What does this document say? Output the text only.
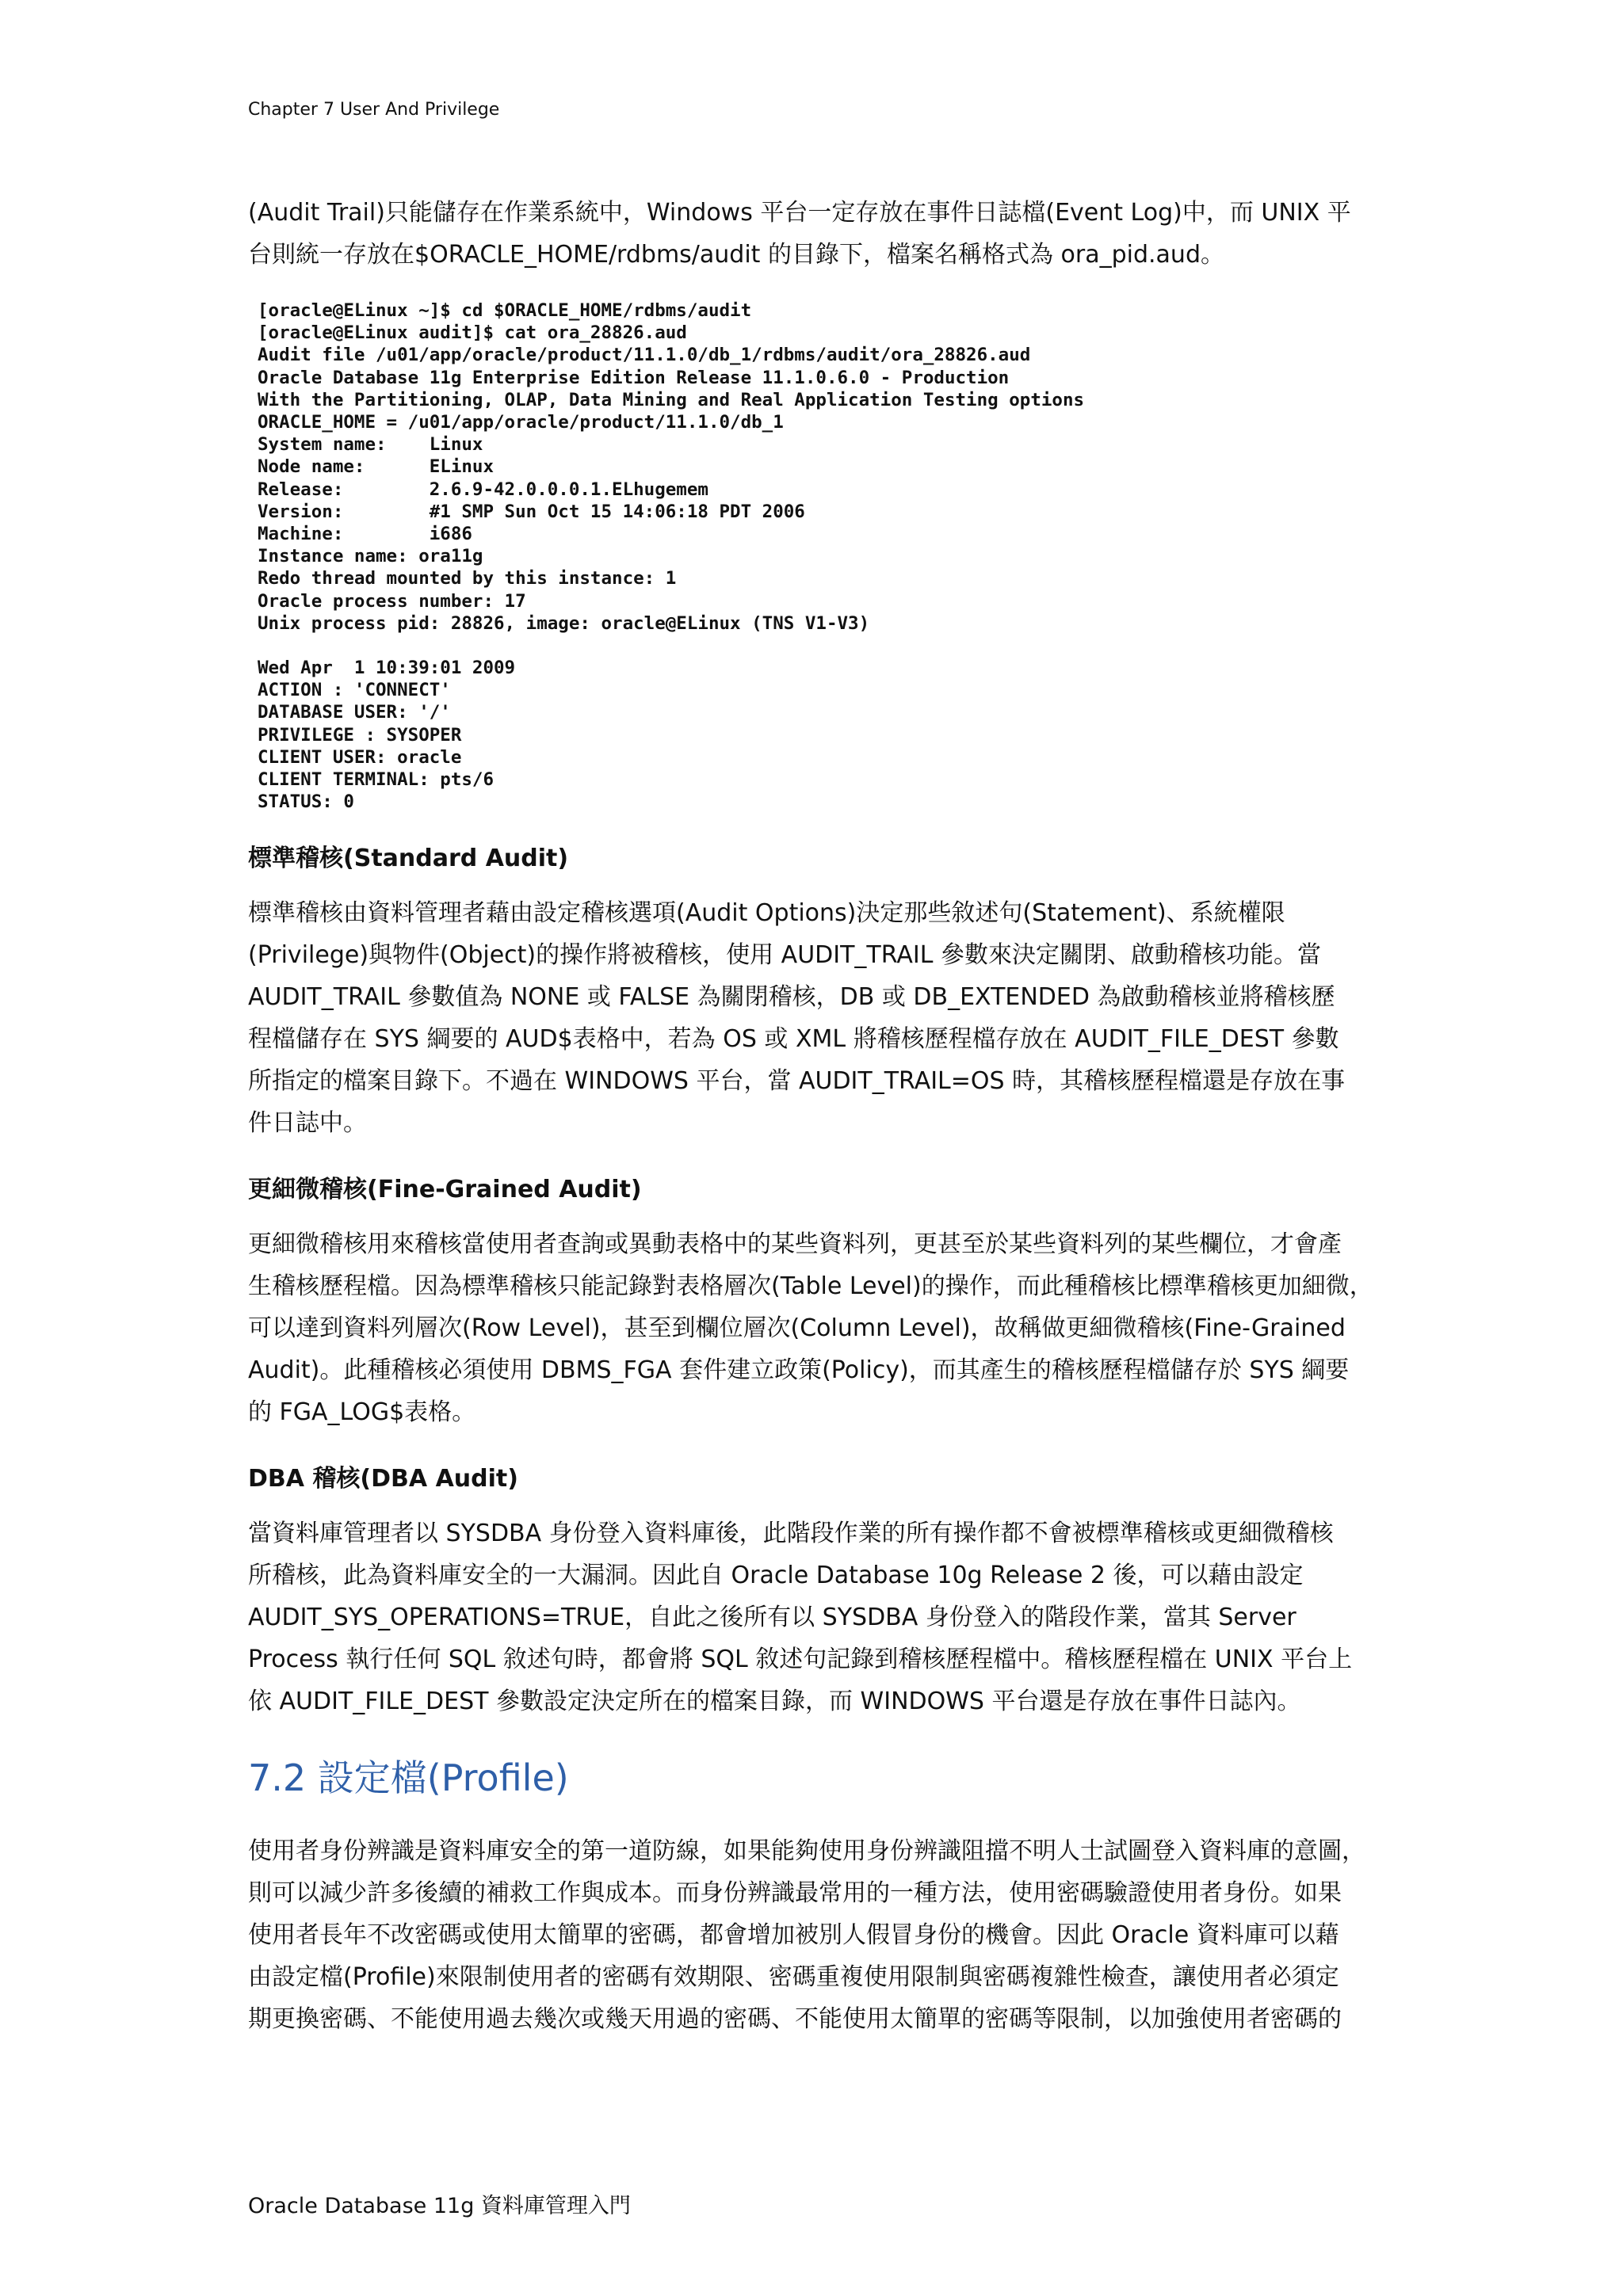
Chapter 7 User And Privilege

(Audit Trail)只能儲存在作業系統中，Windows 平台一定存放在事件日誌檔(Event Log)中，而 UNIX 平
台則統一存放在$ORACLE_HOME/rdbms/audit 的目錄下，檔案名稱格式為 ora_pid.aud。

[oracle@ELinux ~]$ cd $ORACLE_HOME/rdbms/audit
[oracle@ELinux audit]$ cat ora_28826.aud
Audit file /u01/app/oracle/product/11.1.0/db_1/rdbms/audit/ora_28826.aud
Oracle Database 11g Enterprise Edition Release 11.1.0.6.0 - Production
With the Partitioning, OLAP, Data Mining and Real Application Testing options
ORACLE_HOME = /u01/app/oracle/product/11.1.0/db_1
System name:    Linux
Node name:      ELinux
Release:        2.6.9-42.0.0.0.1.ELhugemem
Version:        #1 SMP Sun Oct 15 14:06:18 PDT 2006
Machine:        i686
Instance name: ora11g
Redo thread mounted by this instance: 1
Oracle process number: 17
Unix process pid: 28826, image: oracle@ELinux (TNS V1-V3)
Wed Apr  1 10:39:01 2009
ACTION : 'CONNECT'
DATABASE USER: '/'
PRIVILEGE : SYSOPER
CLIENT USER: oracle
CLIENT TERMINAL: pts/6
STATUS: 0
標準稽核(Standard Audit)

標準稽核由資料管理者藉由設定稽核選項(Audit Options)決定那些敘述句(Statement)、系統權限
(Privilege)與物件(Object)的操作將被稽核，使用 AUDIT_TRAIL 參數來決定關閉、啟動稽核功能。當
AUDIT_TRAIL 參數值為 NONE 或 FALSE 為關閉稽核，DB 或 DB_EXTENDED 為啟動稽核並將稽核歷
程檔儲存在 SYS 綱要的 AUD$表格中，若為 OS 或 XML 將稽核歷程檔存放在 AUDIT_FILE_DEST 參數
所指定的檔案目錄下。不過在 WINDOWS 平台，當 AUDIT_TRAIL=OS 時，其稽核歷程檔還是存放在事
件日誌中。

更細微稽核(Fine-Grained Audit)

更細微稽核用來稽核當使用者查詢或異動表格中的某些資料列，更甚至於某些資料列的某些欄位，才會產
生稽核歷程檔。因為標準稽核只能記錄對表格層次(Table Level)的操作，而此種稽核比標準稽核更加細微，
可以達到資料列層次(Row Level)，甚至到欄位層次(Column Level)，故稱做更細微稽核(Fine-Grained
Audit)。此種稽核必須使用 DBMS_FGA 套件建立政策(Policy)，而其產生的稽核歷程檔儲存於 SYS 綱要
的 FGA_LOG$表格。

DBA 稽核(DBA Audit)

當資料庫管理者以 SYSDBA 身份登入資料庫後，此階段作業的所有操作都不會被標準稽核或更細微稽核
所稽核，此為資料庫安全的一大漏洞。因此自 Oracle Database 10g Release 2 後，可以藉由設定
AUDIT_SYS_OPERATIONS=TRUE，自此之後所有以 SYSDBA 身份登入的階段作業，當其 Server
Process 執行任何 SQL 敘述句時，都會將 SQL 敘述句記錄到稽核歷程檔中。稽核歷程檔在 UNIX 平台上
依 AUDIT_FILE_DEST 參數設定決定所在的檔案目錄，而 WINDOWS 平台還是存放在事件日誌內。

7.2 設定檔(Profile)

使用者身份辨識是資料庫安全的第一道防線，如果能夠使用身份辨識阻擋不明人士試圖登入資料庫的意圖，
則可以減少許多後續的補救工作與成本。而身份辨識最常用的一種方法，使用密碼驗證使用者身份。如果
使用者長年不改密碼或使用太簡單的密碼，都會增加被別人假冒身份的機會。因此 Oracle 資料庫可以藉
由設定檔(Profile)來限制使用者的密碼有效期限、密碼重複使用限制與密碼複雜性檢查，讓使用者必須定
期更換密碼、不能使用過去幾次或幾天用過的密碼、不能使用太簡單的密碼等限制，以加強使用者密碼的

Oracle Database 11g 資料庫管理入門
